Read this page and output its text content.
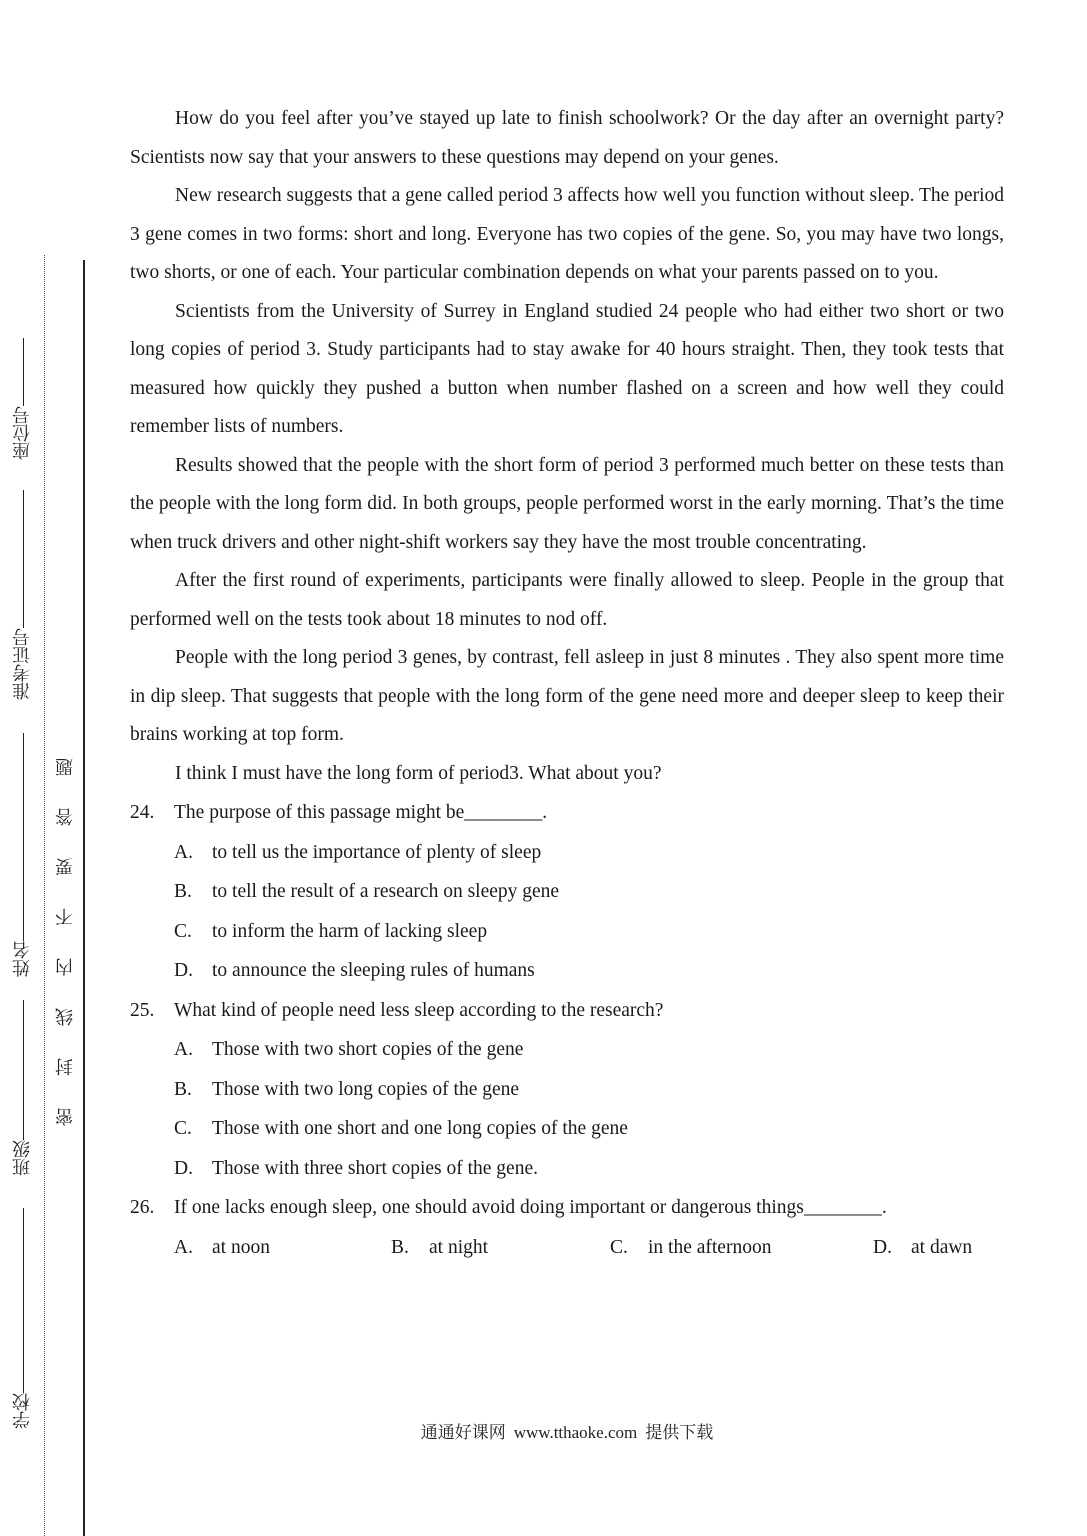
座位号
准考证号
姓名
班级
学校
题
答
要
不
内
线
封
密

How do you feel after you’ve stayed up late to finish schoolwork? Or the day after an overnight party? Scientists now say that your answers to these questions may depend on your genes.

New research suggests that a gene called period 3 affects how well you function without sleep. The period 3 gene comes in two forms: short and long. Everyone has two copies of the gene. So, you may have two longs, two shorts, or one of each. Your particular combination depends on what your parents passed on to you.

Scientists from the University of Surrey in England studied 24 people who had either two short or two long copies of period 3. Study participants had to stay awake for 40 hours straight. Then, they took tests that measured how quickly they pushed a button when number flashed on a screen and how well they could remember lists of numbers.

Results showed that the people with the short form of period 3 performed much better on these tests than the people with the long form did. In both groups, people performed worst in the early morning. That’s the time when truck drivers and other night-shift workers say they have the most trouble concentrating.

After the first round of experiments, participants were finally allowed to sleep. People in the group that performed well on the tests took about 18 minutes to nod off.

People with the long period 3 genes, by contrast, fell asleep in just 8 minutes . They also spent more time in dip sleep. That suggests that people with the long form of the gene need more and deeper sleep to keep their brains working at top form.

I think I must have the long form of period3. What about you?

24. The purpose of this passage might be________.
A. to tell us the importance of plenty of sleep
B. to tell the result of a research on sleepy gene
C. to inform the harm of lacking sleep
D. to announce the sleeping rules of humans
25. What kind of people need less sleep according to the research?
A. Those with two short copies of the gene
B. Those with two long copies of the gene
C. Those with one short and one long copies of the gene
D. Those with three short copies of the gene.
26. If one lacks enough sleep, one should avoid doing important or dangerous things________.
A. at noon	B.	at night	C.	in the afternoon	D. at dawn
通通好课网 www.tthaoke.com 提供下载
